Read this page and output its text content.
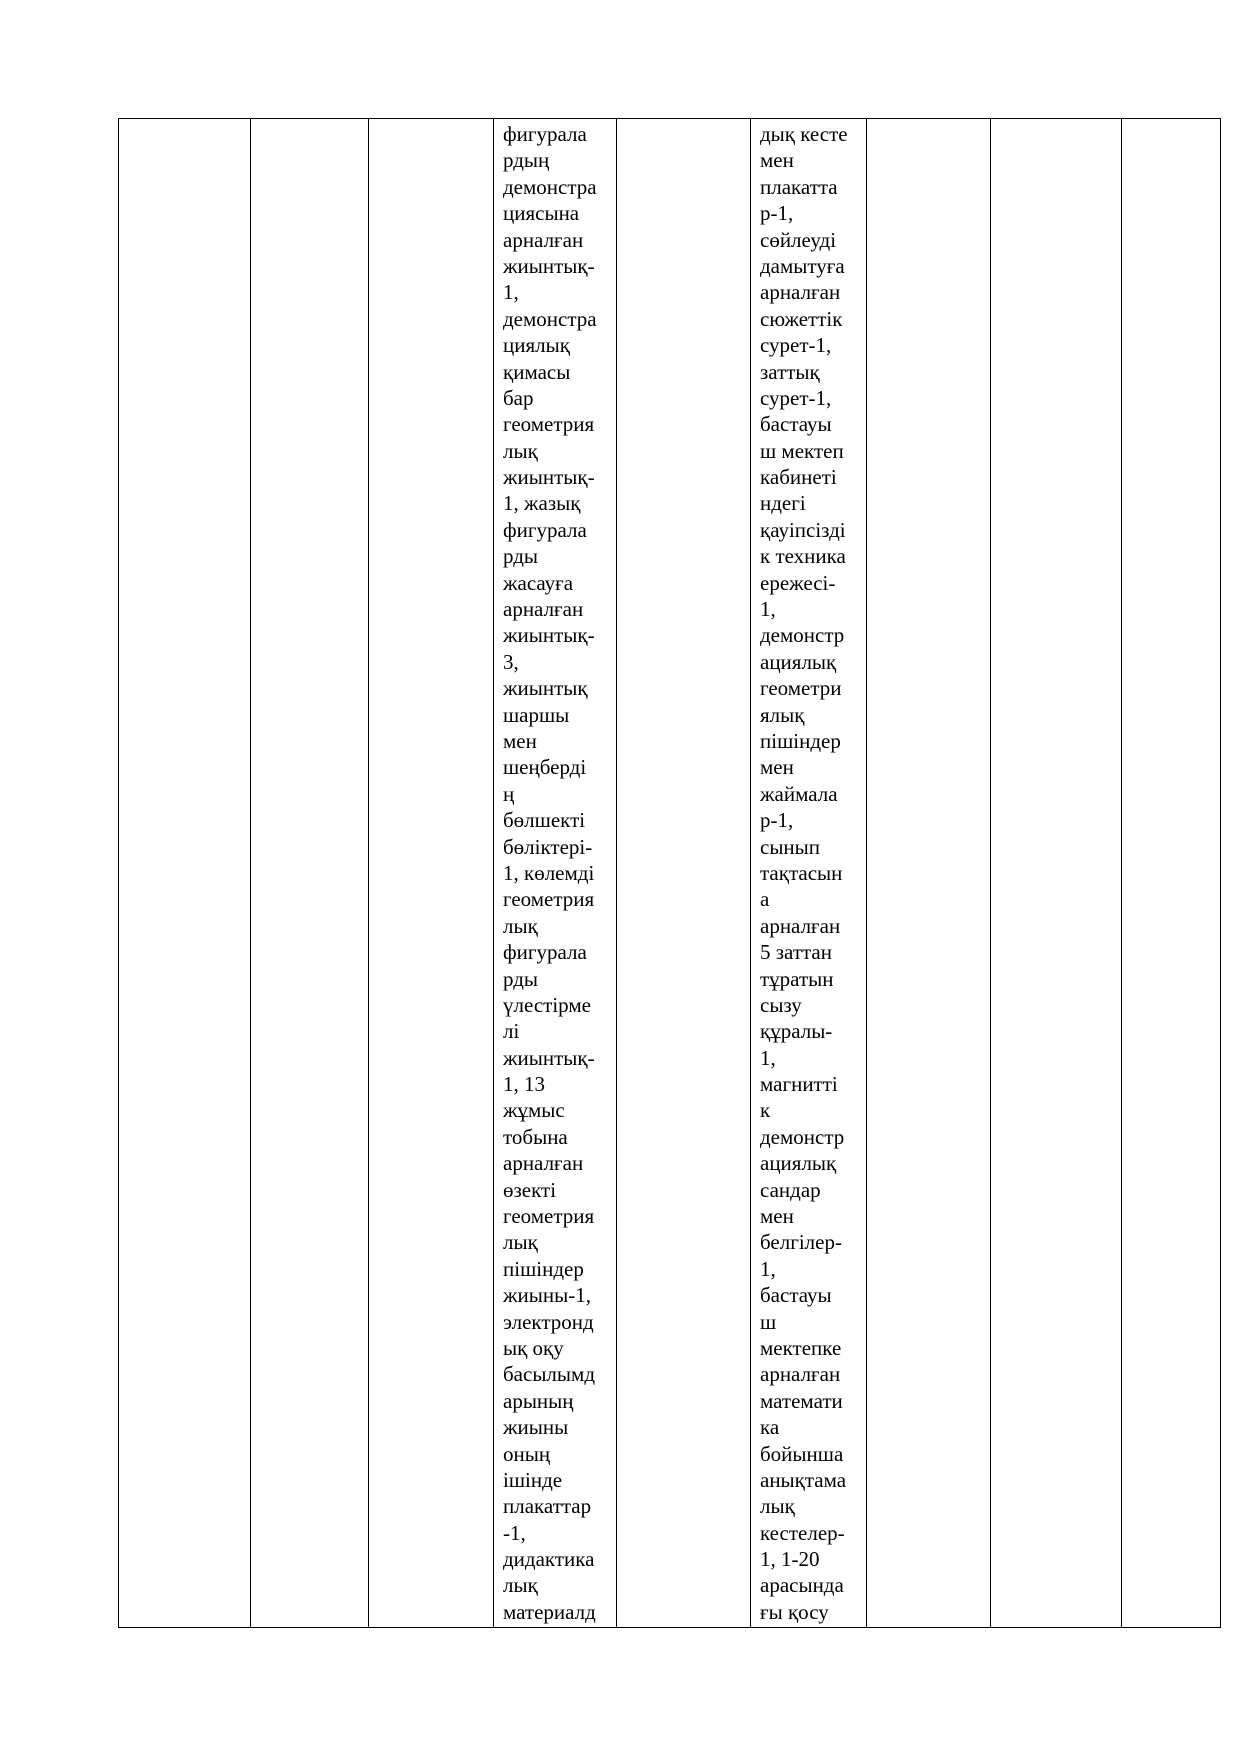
фигурала
рдың
демонстра
циясына
арналған
жиынтық-
1,
демонстра
циялық
қимасы
бар
геометрия
лық
жиынтық-
1, жазық
фигурала
рды
жасауға
арналған
жиынтық-
3,
жиынтық
шаршы
мен
шеңберді
ң
бөлшекті
бөліктері-
1, көлемді
геометрия
лық
фигурала
рды
үлестірме
лі
жиынтық-
1, 13
жұмыс
тобына
арналған
өзекті
геометрия
лық
пішіндер
жиыны-1,
электронд
ық оқу
басылымд
арының
жиыны
оның
ішінде
плакаттар
-1,
дидактика
лық
материалд
дық кесте
мен
плакатта
р-1,
сөйлеуді
дамытуға
арналған
сюжеттік
сурет-1,
заттық
сурет-1,
бастауы
ш мектеп
кабинеті
ндегі
қауіпсізді
к техника
ережесі-
1,
демонстр
ациялық
геометри
ялық
пішіндер
мен
жаймала
р-1,
сынып
тақтасын
а
арналған
5 заттан
тұратын
сызу
құралы-
1,
магнитті
к
демонстр
ациялық
сандар
мен
белгілер-
1,
бастауы
ш
мектепке
арналған
математи
ка
бойынша
анықтама
лық
кестелер-
1, 1-20
арасында
ғы қосу
